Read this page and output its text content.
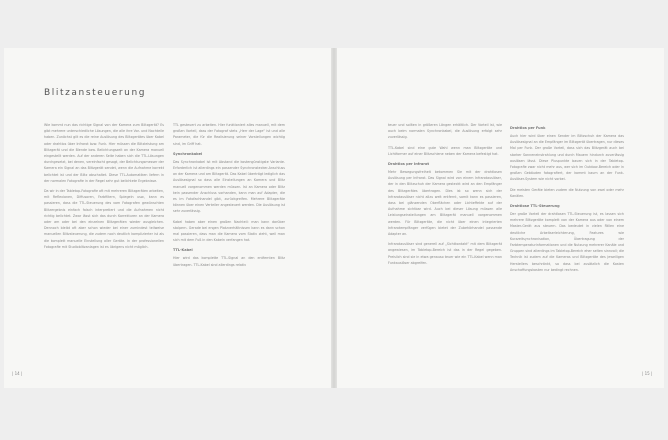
Blitzansteuerung

Wie kommt nun das richtige Signal von der Kamera zum Blitzgerät? Es gibt mehrere unterschiedliche Lösungen, die alle ihre Vor- und Nachteile haben. Zunächst gilt es die reine Auslösung des Blitzgerätes über Kabel oder drahtlos über Infrarot bzw. Funk. Hier müssen die Blitzleistung am Blitzgerät und die Blende bzw. Belichtungszeit an der Kamera manuell eingestellt werden. Auf der anderen Seite haben sich die TTL-Lösungen durchgesetzt, bei denen, vereinfacht gesagt, der Belichtungsmesser der Kamera ein Signal an das Blitzgerät sendet, wenn die Aufnahme korrekt belichtet ist und der Blitz abschaltet. Diese TTL-Automatiken liefern in der normalen Fotografie in der Regel sehr gut belichtete Ergebnisse.

Da wir in der Tabletop-Fotografie oft mit mehreren Blitzgeräten arbeiten, mit Reflexionen, Diffusoren, Farbfiltern, Spiegeln usw., kann es passieren, dass die TTL-Steuerung des vom Fotografen gewünschten Blitzergebnis einfach falsch interpretiert und die Aufnahmen nicht richtig belichtet. Zwar lässt sich das durch Korrekturen an der Kamera oder am oder bei den einzelnen Blitzgeräten wieder ausgleichen. Dennoch bleibt oft aber schon wieder bei einer zumindest teilweise manuellen Blitzsteuerung, die zudem noch deutlich komplizierter ist als die komplett manuelle Einstellung aller Geräte. In der professionellen Fotografie mit Studioblitzanlagen ist es übrigens nicht möglich.

TTL gesteuert zu arbeiten. Hier funktioniert alles manuell, mit dem großen Vorteil, dass der Fotograf stets „Herr der Lage“ ist und alle Parameter, die für die Realisierung seiner Vorstellungen wichtig sind, im Griff hat.

Synchronkabel

Das Synchronkabel ist mit Abstand die kostengünstigste Variante. Erforderlich ist allerdings ein passender Synchronstecker-Anschluss an der Kamera und am Blitzgerät. Das Kabel überträgt lediglich das Auslösesignal so dass alle Einstellungen an Kamera und Blitz manuell vorgenommen werden müssen. Ist an Kamera oder Blitz kein passender Anschluss vorhanden, kann man auf Adapter, die es im Fotofachhandel gibt, zurückgreifen. Mehrere Blitzgeräte können über einen Verteiler angesteuert werden. Die Auslösung ist sehr zuverlässig.

Kabel haben aber einen großen Nachteil: man kann darüber stolpern. Gerade bei engen Platzverhältnissen kann es dann schon mal passieren, dass man die Kamera vom Stativ zieht, weil man sich mit dem Fuß in den Kabeln verfangen hat.

TTL-Kabel

Hier wird das komplette TTL-Signal an den entfernten Blitz übertragen. TTL-Kabel sind allerdings relativ

teuer und sollten in größeren Längen erhältlich. Der Vorteil ist, wie auch beim normalen Synchronkabel, die Auslösung erfolgt sehr zuverlässig.

TTL-Kabel sind eine gute Wahl wenn man Blitzgeräte und Lichtformer auf einer Blitzschiene neben der Kamera befestigt hat.

Drahtlos per Infrarot

Mehr Bewegungsfreiheit bekommen Sie mit der drahtlosen Auslösung per Infrarot. Das Signal wird von einem Infrarotauslöser, der in den Blitzschuh der Kamera gesteckt wird an den Empfänger des Blitzgerätes übertragen. Dies ist so wenn sich der Infrarotauslöser nicht allzu weit entfernt, somit kann es passieren, dass bei glänzenden Oberflächen oder Lichteffekte auf der Aufnahme sichtbar wird. Auch bei dieser Lösung müssen alle Leistungseinstellungen am Blitzgerät manuell vorgenommen werden. Für Blitzgeräte, die nicht über einen integrierten Infrarotempfänger verfügen bietet der Zubehörhandel passende Adapter an.

Infrarotauslöser sind generell auf „Sichtkontakt“ mit dem Blitzgerät angewiesen, im Tabletop-Bereich ist das in der Regel gegeben. Preislich sind sie in etwa genauso teuer wie ein TTL-Kabel wenn man Funkauslöser abgreifen.

Drahtlos per Funk

Auch hier wird über einen Sender im Blitzschuh der Kamera das Auslösesignal an die Empfänger im Blitzgerät übertragen, nur dieses Mal per Funk. Der große Vorteil, dass sich das Blitzgerät auch bei starker Sonneneinstrahlung und durch Mauern hindurch zuverlässig auslösen lässt. Diese Pluspunkte bauen sich in der Tabletop-Fotografie zwar nicht mehr aus, wer sich im Outdoor-Bereich oder in großen Gebäuden fotografiert, der kommt kaum an der Funk-Auslöser-System wie nicht vorbei.

Die meisten Geräte bieten zudem die Nutzung von zwei oder mehr Kanälen.

Drahtlose TTL-Steuerung

Der große Vorteil der drahtlosen TTL-Steuerung ist, es lassen sich mehrere Blitzgeräte komplett von der Kamera aus oder von einem Master-Gerät aus steuern. Das bedeutet in vielen Fällen eine deutliche Arbeitserleichterung, Features wie Kurzzeitsynchronisation, Übertragung der Farbtemperaturinformationen und die Nutzung mehrerer Kanäle und Gruppen sind allerdings im Tabletop-Bereich eher selten sinnvoll; die Technik ist zudem auf die Kameras und Blitzgeräte des jeweiligen Herstellers beschränkt, so dass bei zusätzlich die Kosten Anschaffungskosten nur bedingt rechnen.

| 14 |	| 15 |
